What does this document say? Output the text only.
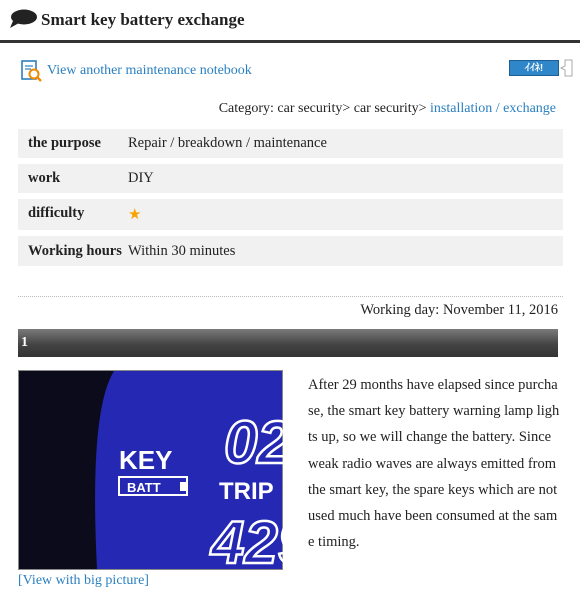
Smart key battery exchange
View another maintenance notebook	ｲｲﾈ!
Category: car security> car security> installation / exchange
the purpose	Repair / breakdown / maintenance
work	DIY
difficulty	★
Working hours Within 30 minutes
Working day: November 11, 2016
1
KEY
BATT TRIP
02
429
[View with big picture]
After 29 months have elapsed since purchase, the smart key battery warning lamp lights up, so we will change the battery. Since weak radio waves are always emitted from the smart key, the spare keys which are not used much have been consumed at the same timing.
